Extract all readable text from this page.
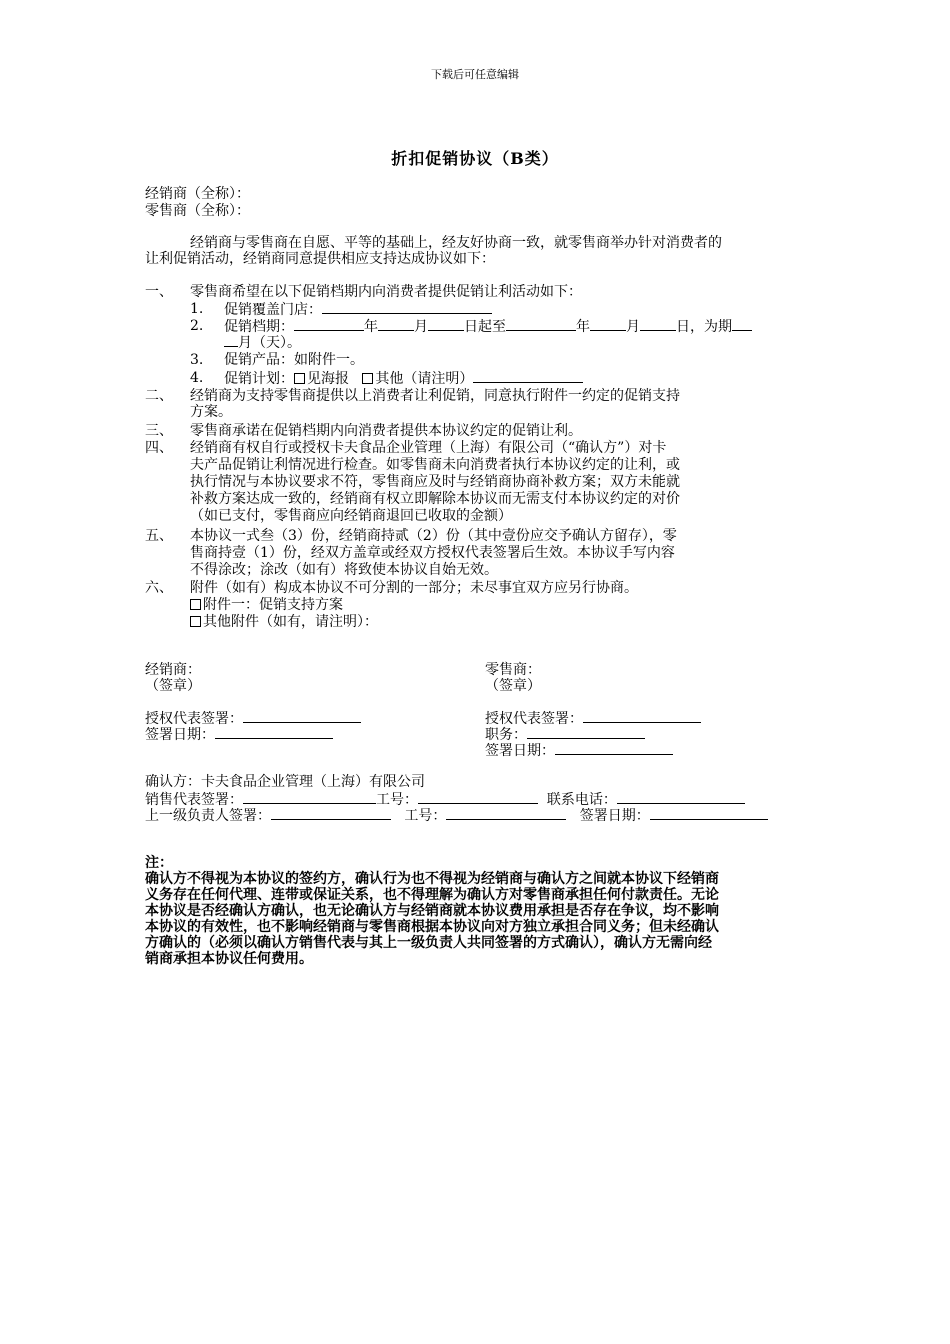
下载后可任意编辑
折扣促销协议（B类）
经销商（全称）：
零售商（全称）：
经销商与零售商在自愿、平等的基础上，经友好协商一致，就零售商举办针对消费者的
让利促销活动，经销商同意提供相应支持达成协议如下：
一、 零售商希望在以下促销档期内向消费者提供促销让利活动如下：
1. 促销覆盖门店：
2. 促销档期：	年	月	日起至	年	月	日，为期
月（天）。
3. 促销产品：如附件一。
4. 促销计划： 见海报 其他（请注明）
二、 经销商为支持零售商提供以上消费者让利促销，同意执行附件一约定的促销支持
方案。
三、 零售商承诺在促销档期内向消费者提供本协议约定的促销让利。
四、 经销商有权自行或授权卡夫食品企业管理（上海）有限公司（“确认方”）对卡
夫产品促销让利情况进行检查。如零售商未向消费者执行本协议约定的让利，或
执行情况与本协议要求不符，零售商应及时与经销商协商补救方案；双方未能就
补救方案达成一致的，经销商有权立即解除本协议而无需支付本协议约定的对价
（如已支付，零售商应向经销商退回已收取的金额）
五、 本协议一式叁（3）份，经销商持贰（2）份（其中壹份应交予确认方留存），零
售商持壹（1）份，经双方盖章或经双方授权代表签署后生效。本协议手写内容
不得涂改；涂改（如有）将致使本协议自始无效。
六、 附件（如有）构成本协议不可分割的一部分；未尽事宜双方应另行协商。
附件一：促销支持方案
其他附件（如有，请注明）：
经销商：
（签章）
授权代表签署：
签署日期：
零售商：
（签章）
授权代表签署：
职务：
签署日期：
确认方：卡夫食品企业管理（上海）有限公司
销售代表签署：	工号：	联系电话：
上一级负责人签署：	工号：	签署日期：
注：
确认方不得视为本协议的签约方，确认行为也不得视为经销商与确认方之间就本协议下经销商
义务存在任何代理、连带或保证关系，也不得理解为确认方对零售商承担任何付款责任。无论
本协议是否经确认方确认，也无论确认方与经销商就本协议费用承担是否存在争议，均不影响
本协议的有效性，也不影响经销商与零售商根据本协议向对方独立承担合同义务；但未经确认
方确认的（必须以确认方销售代表与其上一级负责人共同签署的方式确认），确认方无需向经
销商承担本协议任何费用。
